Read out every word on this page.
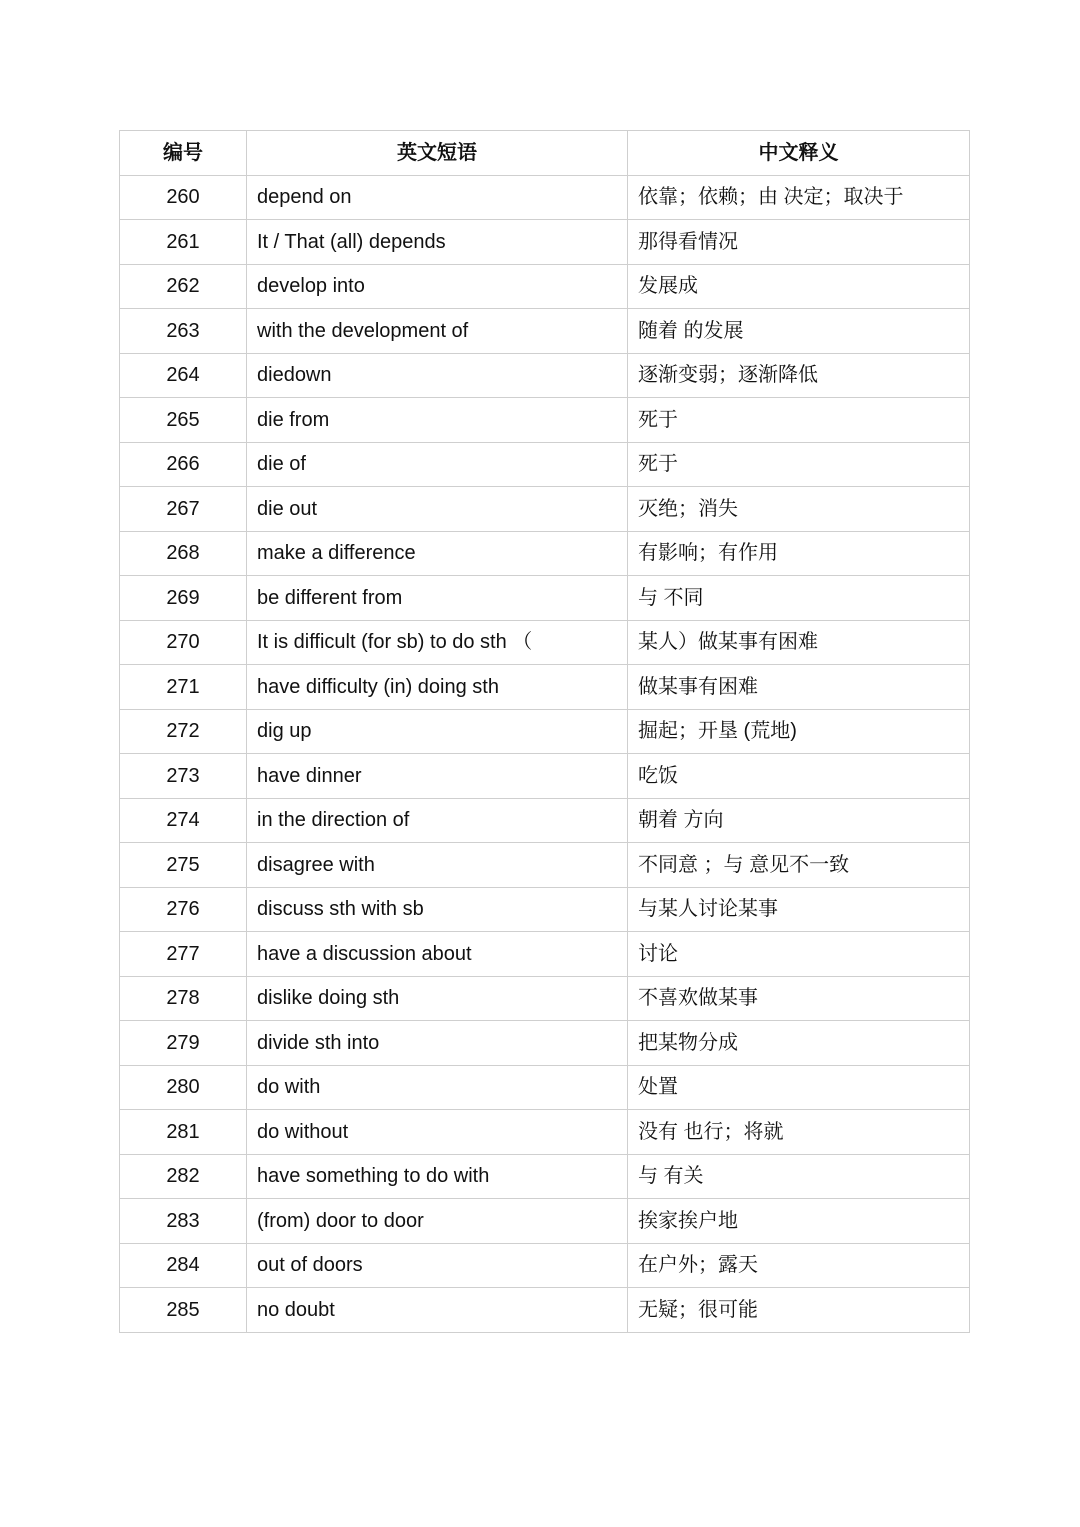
编号	英文短语	中文释义
260	depend on	依靠；依赖；由 决定；取决于
261	It / That (all) depends	那得看情况
262	develop into	发展成
263	with the development of	随着 的发展
264	diedown	逐渐变弱；逐渐降低
265	die from	死于
266	die of	死于
267	die out	灭绝；消失
268	make a difference	有影响；有作用
269	be different from	与 不同
270	It is difficult (for sb) to do sth （	某人）做某事有困难
271	have difficulty (in) doing sth	做某事有困难
272	dig up	掘起；开垦 (荒地)
273	have dinner	吃饭
274	in the direction of	朝着 方向
275	disagree with	不同意 ；与 意见不一致
276	discuss sth with sb	与某人讨论某事
277	have a discussion about	讨论
278	dislike doing sth	不喜欢做某事
279	divide sth into	把某物分成
280	do with	处置
281	do without	没有 也行；将就
282	have something to do with	与 有关
283	(from) door to door	挨家挨户地
284	out of doors	在户外；露天
285	no doubt	无疑；很可能
